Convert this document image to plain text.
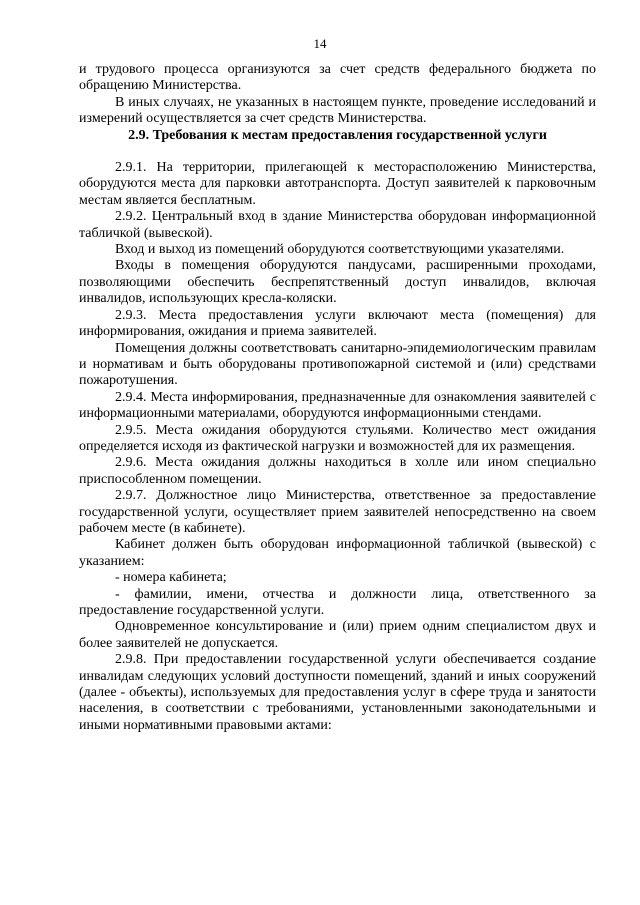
14

и трудового процесса организуются за счет средств федерального бюджета по обращению Министерства.

В иных случаях, не указанных в настоящем пункте, проведение исследований и измерений осуществляется за счет средств Министерства.

2.9. Требования к местам предоставления государственной услуги

2.9.1. На территории, прилегающей к месторасположению Министерства, оборудуются места для парковки автотранспорта. Доступ заявителей к парковочным местам является бесплатным.

2.9.2. Центральный вход в здание Министерства оборудован информационной табличкой (вывеской).

Вход и выход из помещений оборудуются соответствующими указателями.

Входы в помещения оборудуются пандусами, расширенными проходами, позволяющими обеспечить беспрепятственный доступ инвалидов, включая инвалидов, использующих кресла-коляски.

2.9.3. Места предоставления услуги включают места (помещения) для информирования, ожидания и приема заявителей.

Помещения должны соответствовать санитарно-эпидемиологическим правилам и нормативам и быть оборудованы противопожарной системой и (или) средствами пожаротушения.

2.9.4. Места информирования, предназначенные для ознакомления заявителей с информационными материалами, оборудуются информационными стендами.

2.9.5. Места ожидания оборудуются стульями. Количество мест ожидания определяется исходя из фактической нагрузки и возможностей для их размещения.

2.9.6. Места ожидания должны находиться в холле или ином специально приспособленном помещении.

2.9.7. Должностное лицо Министерства, ответственное за предоставление государственной услуги, осуществляет прием заявителей непосредственно на своем рабочем месте (в кабинете).

Кабинет должен быть оборудован информационной табличкой (вывеской) с указанием:

- номера кабинета;

- фамилии, имени, отчества и должности лица, ответственного за предоставление государственной услуги.

Одновременное консультирование и (или) прием одним специалистом двух и более заявителей не допускается.

2.9.8. При предоставлении государственной услуги обеспечивается создание инвалидам следующих условий доступности помещений, зданий и иных сооружений (далее - объекты), используемых для предоставления услуг в сфере труда и занятости населения, в соответствии с требованиями, установленными законодательными и иными нормативными правовыми актами:
